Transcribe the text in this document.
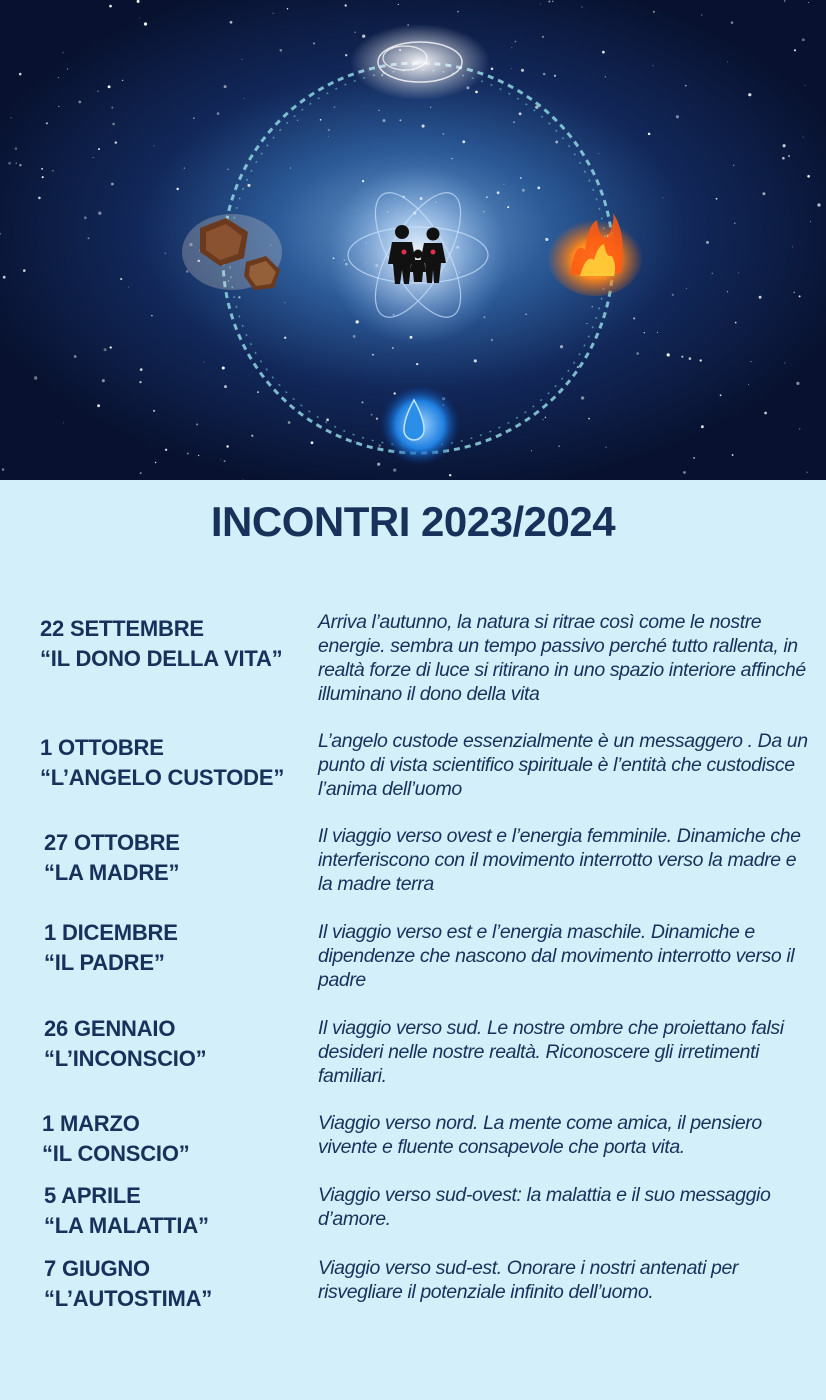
INCONTRI 2023/2024
22 SETTEMBRE
“IL DONO DELLA VITA”
Arriva l’autunno, la natura si ritrae così come le nostre energie. sembra un tempo passivo perché tutto rallenta, in realtà forze di luce si ritirano in uno spazio interiore affinché illuminano il dono della vita
1 OTTOBRE
“L’ANGELO CUSTODE”
L’angelo custode essenzialmente è un messaggero . Da un punto di vista scientifico spirituale è l’entità che custodisce l’anima dell’uomo
27 OTTOBRE
“LA MADRE”
Il viaggio verso ovest e l’energia femminile. Dinamiche che interferiscono con il movimento interrotto verso la madre e la madre terra
1 DICEMBRE
“IL PADRE”
Il viaggio verso est e l’energia maschile. Dinamiche e dipendenze che nascono dal movimento interrotto verso il padre
26 GENNAIO
“L’INCONSCIO”
Il viaggio verso sud. Le nostre ombre che proiettano falsi desideri nelle nostre realtà. Riconoscere gli irretimenti familiari.
1 MARZO
“IL CONSCIO”
Viaggio verso nord. La mente come amica, il pensiero vivente e fluente consapevole che porta vita.
5 APRILE
“LA MALATTIA”
Viaggio verso sud-ovest: la malattia e il suo messaggio d’amore.
7 GIUGNO
“L’AUTOSTIMA”
Viaggio verso sud-est. Onorare i nostri antenati per risvegliare il potenziale infinito dell’uomo.
